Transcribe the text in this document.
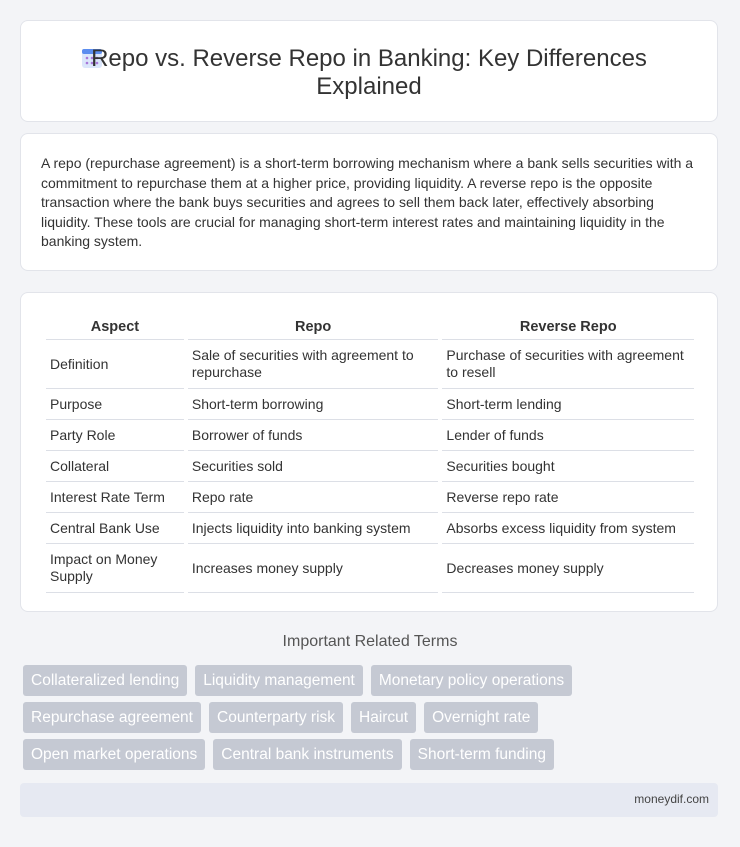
Repo vs. Reverse Repo in Banking: Key Differences
Explained
A repo (repurchase agreement) is a short-term borrowing mechanism where a bank sells securities with a commitment to repurchase them at a higher price, providing liquidity. A reverse repo is the opposite transaction where the bank buys securities and agrees to sell them back later, effectively absorbing liquidity. These tools are crucial for managing short-term interest rates and maintaining liquidity in the banking system.
Aspect	Repo	Reverse Repo
Definition	Sale of securities with agreement to repurchase	Purchase of securities with agreement to resell
Purpose	Short-term borrowing	Short-term lending
Party Role	Borrower of funds	Lender of funds
Collateral	Securities sold	Securities bought
Interest Rate Term	Repo rate	Reverse repo rate
Central Bank Use	Injects liquidity into banking system	Absorbs excess liquidity from system
Impact on Money Supply	Increases money supply	Decreases money supply
Important Related Terms
Collateralized lending	Liquidity management	Monetary policy operations
Repurchase agreement	Counterparty risk	Haircut	Overnight rate
Open market operations	Central bank instruments	Short-term funding
moneydif.com
